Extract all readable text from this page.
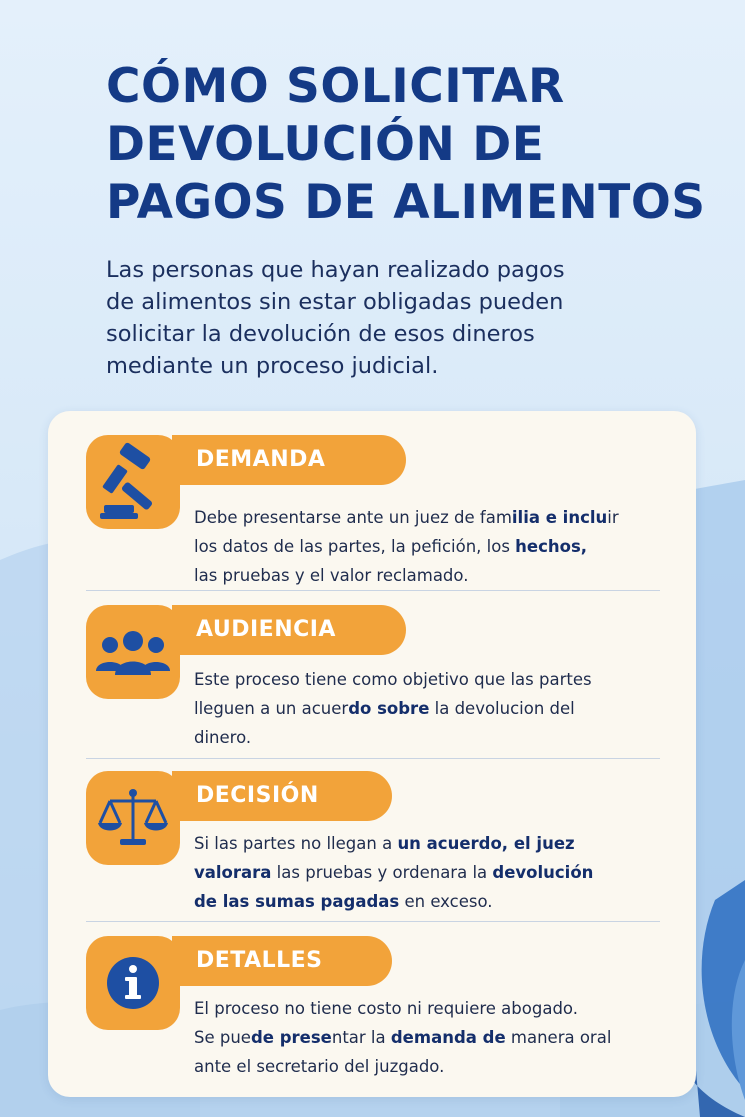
CÓMO SOLICITAR
DEVOLUCIÓN DE
PAGOS DE ALIMENTOS

Las personas que hayan realizado pagos
de alimentos sin estar obligadas pueden
solicitar la devolución de esos dineros
mediante un proceso judicial.

DEMANDA

Debe presentarse ante un juez de familia e incluir
los datos de las partes, la pefición, los hechos,
las pruebas y el valor reclamado.

AUDIENCIA

Este proceso tiene como objetivo que las partes
lleguen a un acuerdo sobre la devolucion del
dinero.

DECISIÓN

Si las partes no llegan a un acuerdo, el juez
valorara las pruebas y ordenara la devolución
de las sumas pagadas en exceso.

DETALLES

El proceso no tiene costo ni requiere abogado.
Se puede presentar la demanda de manera oral
ante el secretario del juzgado.
